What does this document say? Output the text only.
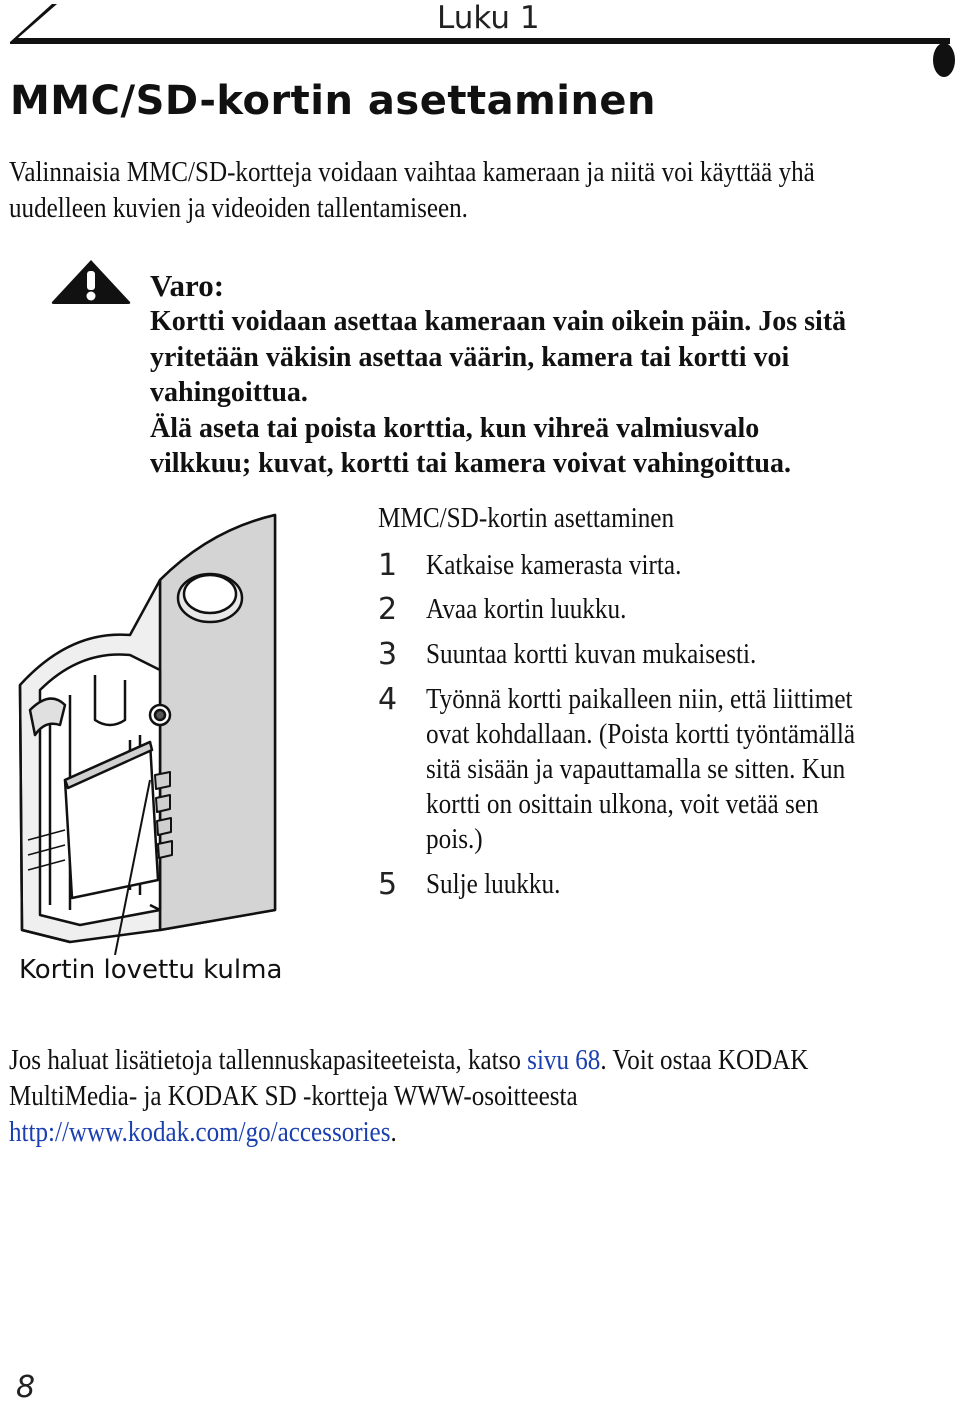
Luku 1
MMC/SD-kortin asettaminen
Valinnaisia MMC/SD-kortteja voidaan vaihtaa kameraan ja niitä voi käyttää yhä
uudelleen kuvien ja videoiden tallentamiseen.
Varo:
Kortti voidaan asettaa kameraan vain oikein päin. Jos sitä
yritetään väkisin asettaa väärin, kamera tai kortti voi
vahingoittua.
Älä aseta tai poista korttia, kun vihreä valmiusvalo
vilkkuu; kuvat, kortti tai kamera voivat vahingoittua.
Kortin lovettu kulma
MMC/SD-kortin asettaminen
1 Katkaise kamerasta virta.
2 Avaa kortin luukku.
3 Suuntaa kortti kuvan mukaisesti.
4 Työnnä kortti paikalleen niin, että liittimet
ovat kohdallaan. (Poista kortti työntämällä
sitä sisään ja vapauttamalla se sitten. Kun
kortti on osittain ulkona, voit vetää sen
pois.)
5 Sulje luukku.
Jos haluat lisätietoja tallennuskapasiteeteista, katso sivu 68. Voit ostaa KODAK
MultiMedia- ja KODAK SD -kortteja WWW-osoitteesta
http://www.kodak.com/go/accessories.
8
